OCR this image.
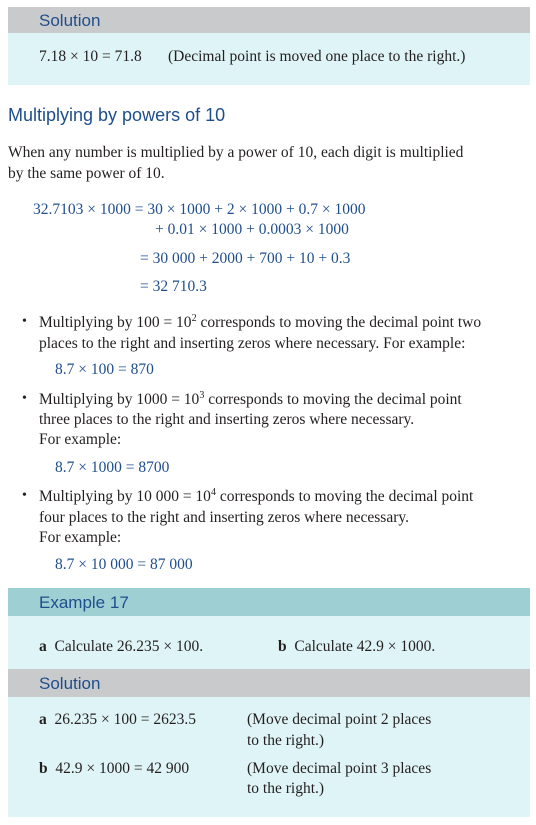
Solution
7.18 × 10 = 71.8 (Decimal point is moved one place to the right.)
Multiplying by powers of 10
When any number is multiplied by a power of 10, each digit is multiplied
by the same power of 10.
32.7103 × 1000 = 30 × 1000 + 2 × 1000 + 0.7 × 1000
+ 0.01 × 1000 + 0.0003 × 1000
= 30 000 + 2000 + 700 + 10 + 0.3
= 32 710.3
• Multiplying by $100 = 10^2$ corresponds to moving the decimal point two
places to the right and inserting zeros where necessary. For example:
8.7 × 100 = 870
• Multiplying by $1000 = 10^3$ corresponds to moving the decimal point
three places to the right and inserting zeros where necessary.
For example:
8.7 × 1000 = 8700
• Multiplying by 10 $000 = 10^4$ corresponds to moving the decimal point
four places to the right and inserting zeros where necessary.
For example:
8.7 × 10 000 = 87 000
Example 17
a Calculate 26.235 × 100.	b Calculate 42.9 × 1000.
Solution
a 26.235 × 100 = 2623.5	(Move decimal point 2 places
to the right.)
b 42.9 × 1000 = 42 900	(Move decimal point 3 places
to the right.)
